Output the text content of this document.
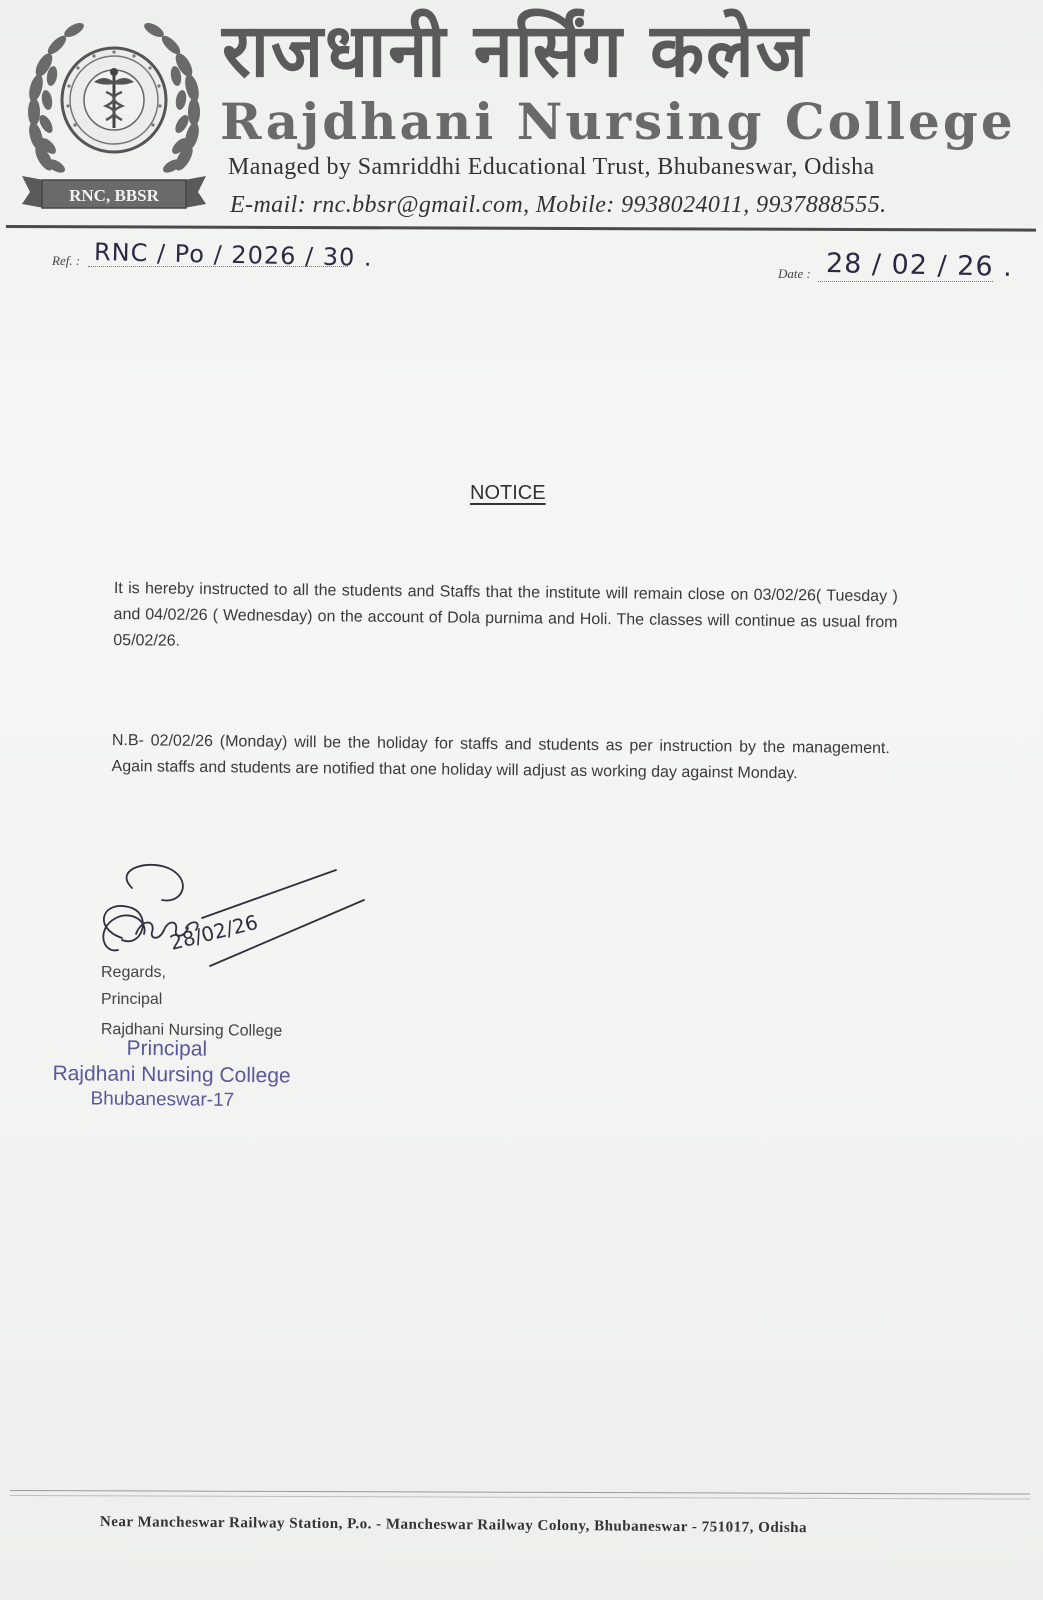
RNC, BBSR
राजधानी नर्सिंग कलेज
Rajdhani Nursing College
Managed by Samriddhi Educational Trust, Bhubaneswar, Odisha
E-mail: rnc.bbsr@gmail.com, Mobile: 9938024011, 9937888555.
Ref. : RNC / Po / 2026 / 30 .
Date : 28 / 02 / 26 .
NOTICE

It is hereby instructed to all the students and Staffs that the institute will remain close on 03/02/26( Tuesday ) and 04/02/26 ( Wednesday) on the account of Dola purnima and Holi. The classes will continue as usual from 05/02/26.

N.B- 02/02/26 (Monday) will be the holiday for staffs and students as per instruction by the management. Again staffs and students are notified that one holiday will adjust as working day against Monday.

28/02/26
Regards,
Principal
Rajdhani Nursing College
Principal
Rajdhani Nursing College
Bhubaneswar-17
Near Mancheswar Railway Station, P.o. - Mancheswar Railway Colony, Bhubaneswar - 751017, Odisha
